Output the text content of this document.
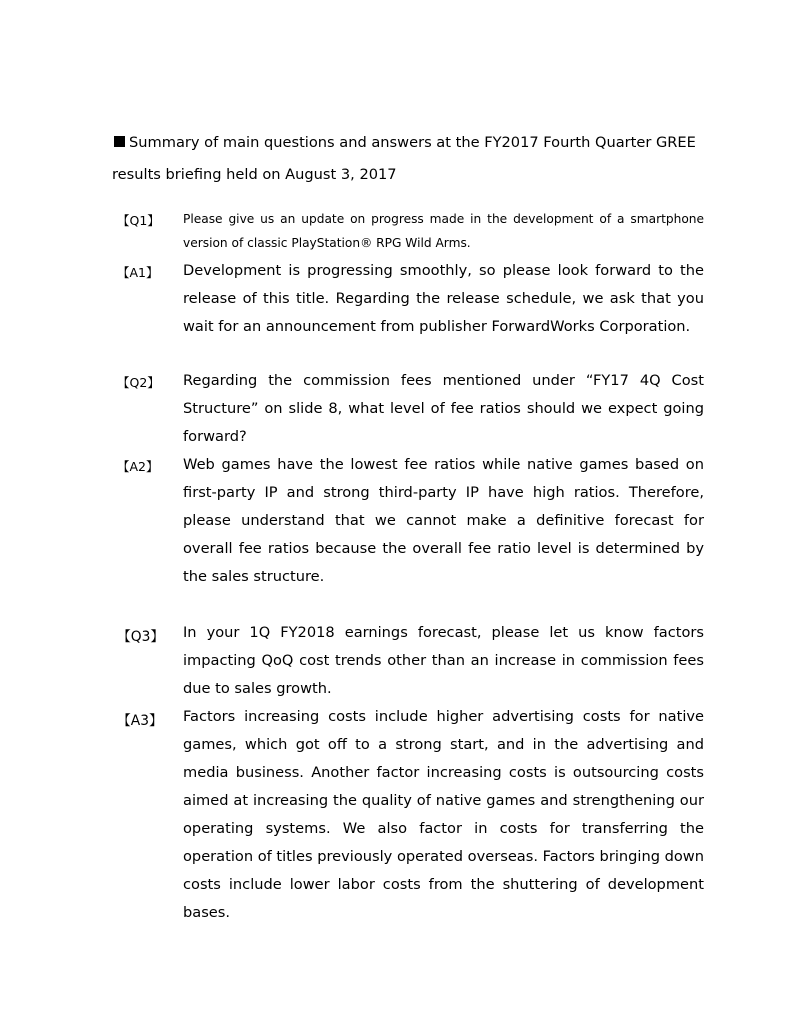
Summary of main questions and answers at the FY2017 Fourth Quarter GREE
results briefing held on August 3, 2017
【Q1】 Please give us an update on progress made in the development of a smartphone version of classic PlayStation® RPG Wild Arms.
【A1】 Development is progressing smoothly, so please look forward to the release of this title. Regarding the release schedule, we ask that you wait for an announcement from publisher ForwardWorks Corporation.
【Q2】 Regarding the commission fees mentioned under “FY17 4Q Cost Structure” on slide 8, what level of fee ratios should we expect going forward?
【A2】 Web games have the lowest fee ratios while native games based on first-party IP and strong third-party IP have high ratios. Therefore, please understand that we cannot make a definitive forecast for overall fee ratios because the overall fee ratio level is determined by the sales structure.
【Q3】 In your 1Q FY2018 earnings forecast, please let us know factors impacting QoQ cost trends other than an increase in commission fees due to sales growth.
【A3】 Factors increasing costs include higher advertising costs for native games, which got off to a strong start, and in the advertising and media business. Another factor increasing costs is outsourcing costs aimed at increasing the quality of native games and strengthening our operating systems. We also factor in costs for transferring the operation of titles previously operated overseas. Factors bringing down costs include lower labor costs from the shuttering of development bases.
